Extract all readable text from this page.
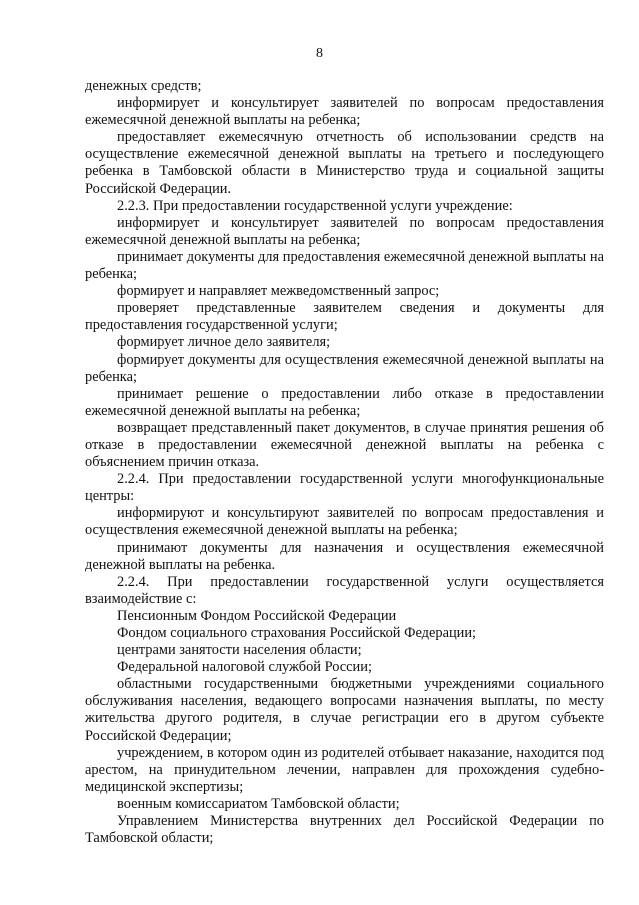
8

денежных средств;

информирует и консультирует заявителей по вопросам предоставления ежемесячной денежной выплаты на ребенка;

предоставляет ежемесячную отчетность об использовании средств на осуществление ежемесячной денежной выплаты на третьего и последующего ребенка в Тамбовской области в Министерство труда и социальной защиты Российской Федерации.

2.2.3. При предоставлении государственной услуги учреждение:

информирует и консультирует заявителей по вопросам предоставления ежемесячной денежной выплаты на ребенка;

принимает документы для предоставления ежемесячной денежной выплаты на ребенка;

формирует и направляет межведомственный запрос;

проверяет представленные заявителем сведения и документы для предоставления государственной услуги;

формирует личное дело заявителя;

формирует документы для осуществления ежемесячной денежной выплаты на ребенка;

принимает решение о предоставлении либо отказе в предоставлении ежемесячной денежной выплаты на ребенка;

возвращает представленный пакет документов, в случае принятия решения об отказе в предоставлении ежемесячной денежной выплаты на ребенка с объяснением причин отказа.

2.2.4. При предоставлении государственной услуги многофункциональные центры:

информируют и консультируют заявителей по вопросам предоставления и осуществления ежемесячной денежной выплаты на ребенка;

принимают документы для назначения и осуществления ежемесячной денежной выплаты на ребенка.

2.2.4. При предоставлении государственной услуги осуществляется взаимодействие с:

Пенсионным Фондом Российской Федерации

Фондом социального страхования Российской Федерации;

центрами занятости населения области;

Федеральной налоговой службой России;

областными государственными бюджетными учреждениями социального обслуживания населения, ведающего вопросами назначения выплаты, по месту жительства другого родителя, в случае регистрации его в другом субъекте Российской Федерации;

учреждением, в котором один из родителей отбывает наказание, находится под арестом, на принудительном лечении, направлен для прохождения судебно-медицинской экспертизы;

военным комиссариатом Тамбовской области;

Управлением Министерства внутренних дел Российской Федерации по Тамбовской области;
